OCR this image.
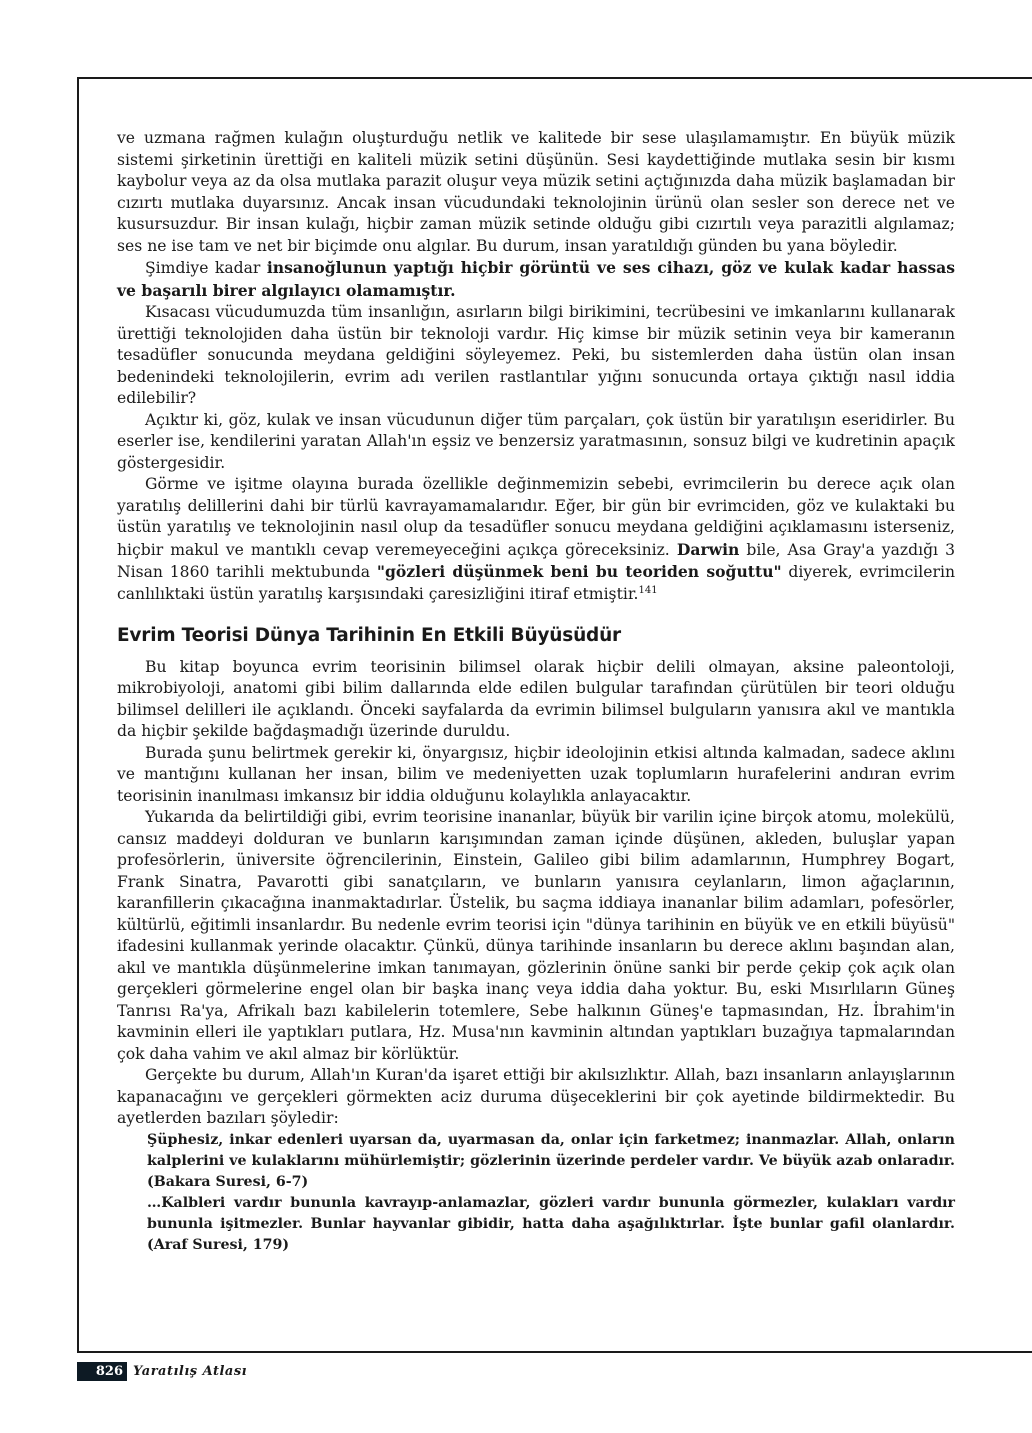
ve uzmana rağmen kulağın oluşturduğu netlik ve kalitede bir sese ulaşılamamıştır. En büyük müzik sistemi şirketinin ürettiği en kaliteli müzik setini düşünün. Sesi kaydettiğinde mutlaka sesin bir kısmı kaybolur veya az da olsa mutlaka parazit oluşur veya müzik setini açtığınızda daha müzik başlamadan bir cızırtı mutlaka duyarsınız. Ancak insan vücudundaki teknolojinin ürünü olan sesler son derece net ve kusursuzdur. Bir insan kulağı, hiçbir zaman müzik setinde olduğu gibi cızırtılı veya parazitli algılamaz; ses ne ise tam ve net bir biçimde onu algılar. Bu durum, insan yaratıldığı günden bu yana böyledir.

Şimdiye kadar insanoğlunun yaptığı hiçbir görüntü ve ses cihazı, göz ve kulak kadar hassas ve başarılı birer algılayıcı olamamıştır.

Kısacası vücudumuzda tüm insanlığın, asırların bilgi birikimini, tecrübesini ve imkanlarını kullanarak ürettiği teknolojiden daha üstün bir teknoloji vardır. Hiç kimse bir müzik setinin veya bir kameranın tesadüfler sonucunda meydana geldiğini söyleyemez. Peki, bu sistemlerden daha üstün olan insan bedenindeki teknolojilerin, evrim adı verilen rastlantılar yığını sonucunda ortaya çıktığı nasıl iddia edilebilir?

Açıktır ki, göz, kulak ve insan vücudunun diğer tüm parçaları, çok üstün bir yaratılışın eseridirler. Bu eserler ise, kendilerini yaratan Allah'ın eşsiz ve benzersiz yaratmasının, sonsuz bilgi ve kudretinin apaçık göstergesidir.

Görme ve işitme olayına burada özellikle değinmemizin sebebi, evrimcilerin bu derece açık olan yaratılış delillerini dahi bir türlü kavrayamamalarıdır. Eğer, bir gün bir evrimciden, göz ve kulaktaki bu üstün yaratılış ve teknolojinin nasıl olup da tesadüfler sonucu meydana geldiğini açıklamasını isterseniz, hiçbir makul ve mantıklı cevap veremeyeceğini açıkça göreceksiniz. Darwin bile, Asa Gray'a yazdığı 3 Nisan 1860 tarihli mektubunda "gözleri düşünmek beni bu teoriden soğuttu" diyerek, evrimcilerin canlılıktaki üstün yaratılış karşısındaki çaresizliğini itiraf etmiştir.$^{141}$

Evrim Teorisi Dünya Tarihinin En Etkili Büyüsüdür

Bu kitap boyunca evrim teorisinin bilimsel olarak hiçbir delili olmayan, aksine paleontoloji, mikrobiyoloji, anatomi gibi bilim dallarında elde edilen bulgular tarafından çürütülen bir teori olduğu bilimsel delilleri ile açıklandı. Önceki sayfalarda da evrimin bilimsel bulguların yanısıra akıl ve mantıkla da hiçbir şekilde bağdaşmadığı üzerinde duruldu.

Burada şunu belirtmek gerekir ki, önyargısız, hiçbir ideolojinin etkisi altında kalmadan, sadece aklını ve mantığını kullanan her insan, bilim ve medeniyetten uzak toplumların hurafelerini andıran evrim teorisinin inanılması imkansız bir iddia olduğunu kolaylıkla anlayacaktır.

Yukarıda da belirtildiği gibi, evrim teorisine inananlar, büyük bir varilin içine birçok atomu, molekülü, cansız maddeyi dolduran ve bunların karışımından zaman içinde düşünen, akleden, buluşlar yapan profesörlerin, üniversite öğrencilerinin, Einstein, Galileo gibi bilim adamlarının, Humphrey Bogart, Frank Sinatra, Pavarotti gibi sanatçıların, ve bunların yanısıra ceylanların, limon ağaçlarının, karanfillerin çıkacağına inanmaktadırlar. Üstelik, bu saçma iddiaya inananlar bilim adamları, pofesörler, kültürlü, eğitimli insanlardır. Bu nedenle evrim teorisi için "dünya tarihinin en büyük ve en etkili büyüsü" ifadesini kullanmak yerinde olacaktır. Çünkü, dünya tarihinde insanların bu derece aklını başından alan, akıl ve mantıkla düşünmelerine imkan tanımayan, gözlerinin önüne sanki bir perde çekip çok açık olan gerçekleri görmelerine engel olan bir başka inanç veya iddia daha yoktur. Bu, eski Mısırlıların Güneş Tanrısı Ra'ya, Afrikalı bazı kabilelerin totemlere, Sebe halkının Güneş'e tapmasından, Hz. İbrahim'in kavminin elleri ile yaptıkları putlara, Hz. Musa'nın kavminin altından yaptıkları buzağıya tapmalarından çok daha vahim ve akıl almaz bir körlüktür.

Gerçekte bu durum, Allah'ın Kuran'da işaret ettiği bir akılsızlıktır. Allah, bazı insanların anlayışlarının kapanacağını ve gerçekleri görmekten aciz duruma düşeceklerini bir çok ayetinde bildirmektedir. Bu ayetlerden bazıları şöyledir:

Şüphesiz, inkar edenleri uyarsan da, uyarmasan da, onlar için farketmez; inanmazlar. Allah, onların kalplerini ve kulaklarını mühürlemiştir; gözlerinin üzerinde perdeler vardır. Ve büyük azab onlaradır. (Bakara Suresi, 6-7)

…Kalbleri vardır bununla kavrayıp-anlamazlar, gözleri vardır bununla görmezler, kulakları vardır bununla işitmezler. Bunlar hayvanlar gibidir, hatta daha aşağılıktırlar. İşte bunlar gafil olanlardır. (Araf Suresi, 179)

826 Yaratılış Atlası
